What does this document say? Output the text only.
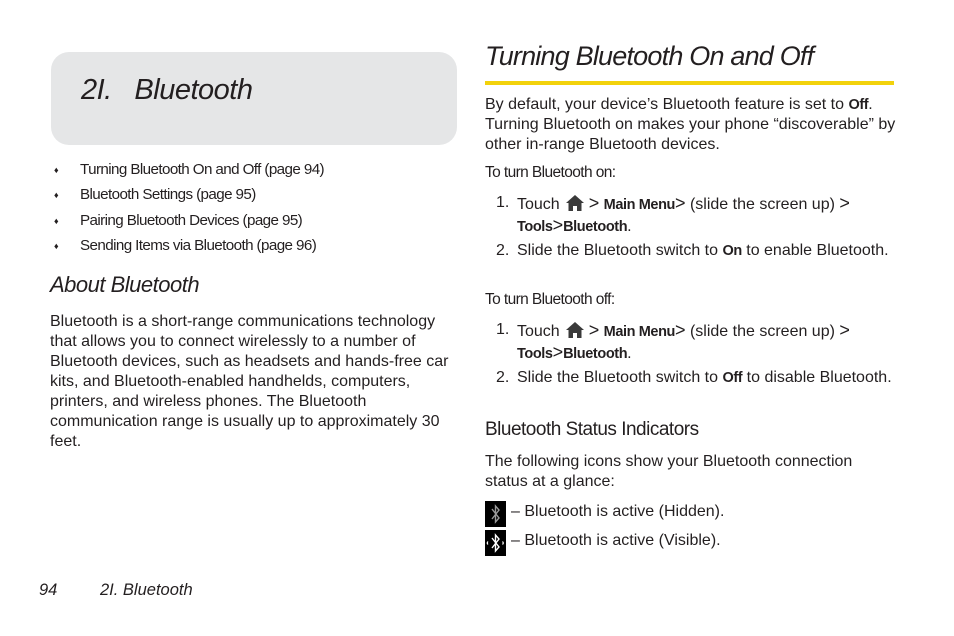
2I.   Bluetooth
♦ Turning Bluetooth On and Off (page 94)
♦ Bluetooth Settings (page 95)
♦ Pairing Bluetooth Devices (page 95)
♦ Sending Items via Bluetooth (page 96)
About Bluetooth
Bluetooth is a short-range communications technology that allows you to connect wirelessly to a number of Bluetooth devices, such as headsets and hands-free car kits, and Bluetooth-enabled handhelds, computers, printers, and wireless phones. The Bluetooth communication range is usually up to approximately 30 feet.
94	2I. Bluetooth
Turning Bluetooth On and Off
By default, your device’s Bluetooth feature is set to Off. Turning Bluetooth on makes your phone “discoverable” by other in-range Bluetooth devices.
To turn Bluetooth on:
1. Touch > Main Menu> (slide the screen up) >
Tools>Bluetooth.
2. Slide the Bluetooth switch to On to enable Bluetooth.
To turn Bluetooth off:
1. Touch > Main Menu> (slide the screen up) >
Tools>Bluetooth.
2. Slide the Bluetooth switch to Off to disable Bluetooth.
Bluetooth Status Indicators
The following icons show your Bluetooth connection status at a glance:
– Bluetooth is active (Hidden).
– Bluetooth is active (Visible).
